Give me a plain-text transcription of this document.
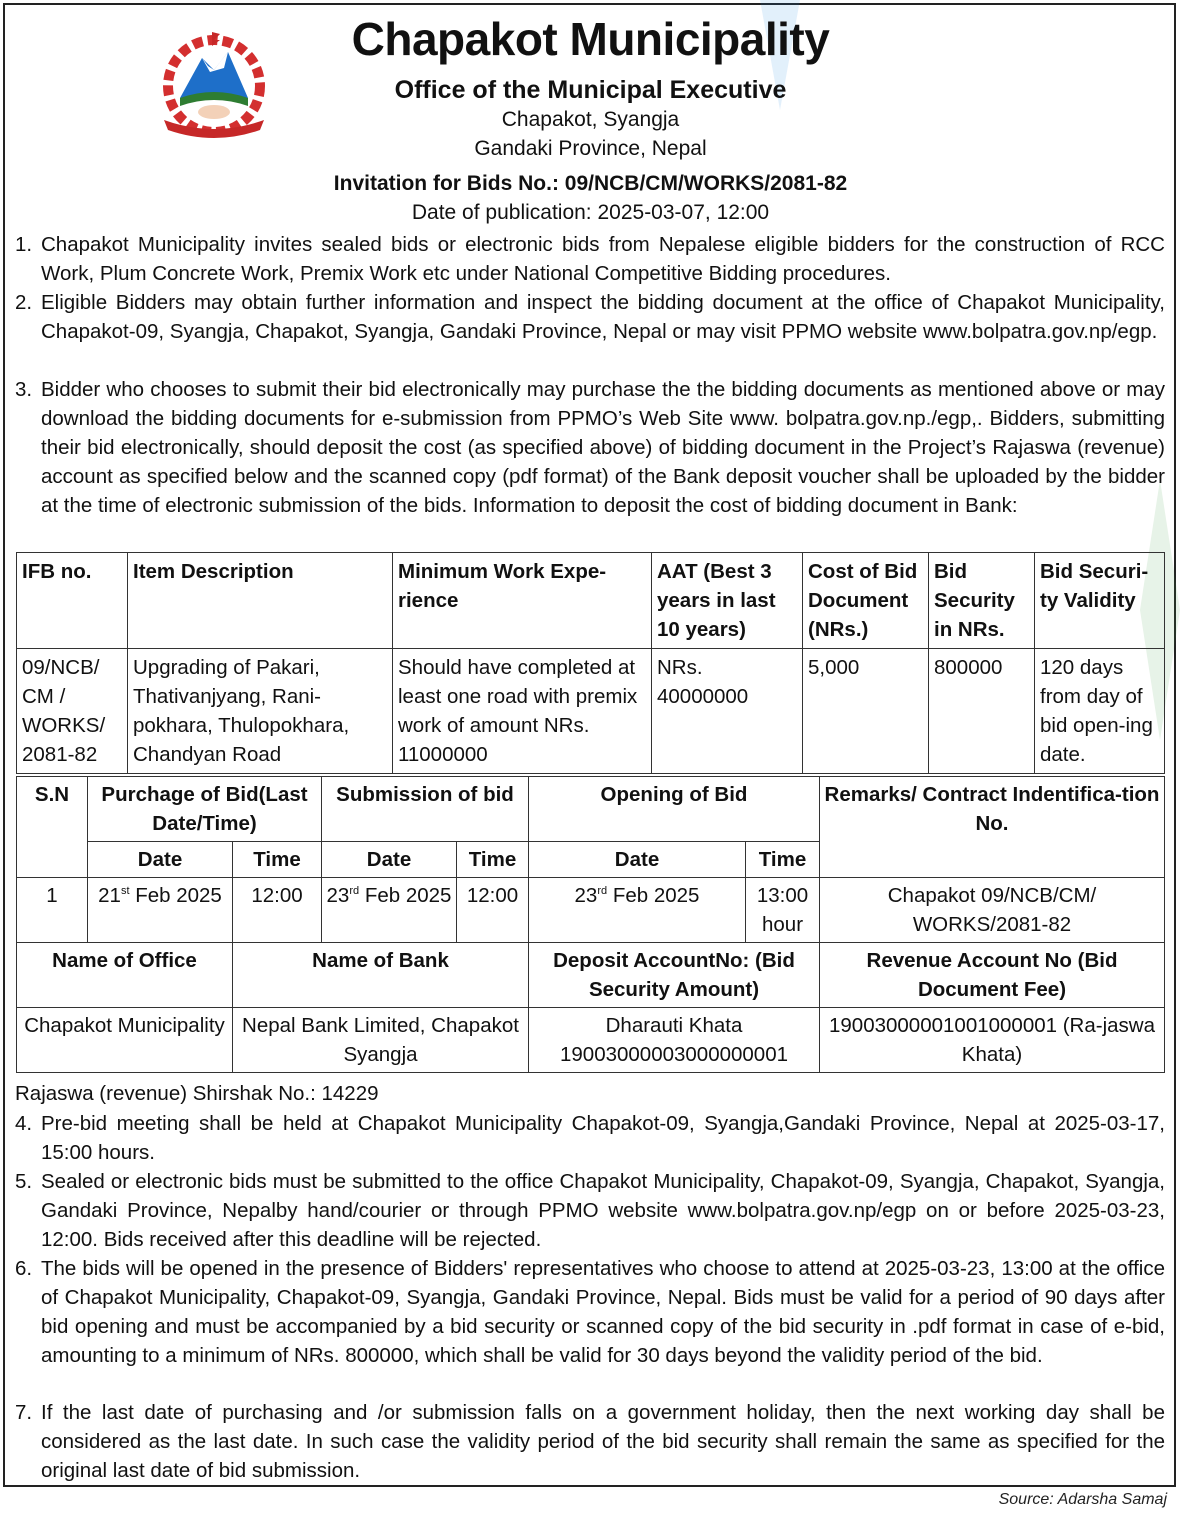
Chapakot Municipality
Office of the Municipal Executive
Chapakot, Syangja
Gandaki Province, Nepal
Invitation for Bids No.: 09/NCB/CM/WORKS/2081-82
Date of publication: 2025-03-07, 12:00
1. Chapakot Municipality invites sealed bids or electronic bids from Nepalese eligible bidders for the construction of RCC Work, Plum Concrete Work, Premix Work etc under National Competitive Bidding procedures.
2. Eligible Bidders may obtain further information and inspect the bidding document at the office of Chapakot Municipality, Chapakot-09, Syangja, Chapakot, Syangja, Gandaki Province, Nepal or may visit PPMO website www.bolpatra.gov.np/egp.
3. Bidder who chooses to submit their bid electronically may purchase the the bidding documents as mentioned above or may download the bidding documents for e-submission from PPMO’s Web Site www. bolpatra.gov.np./egp,. Bidders, submitting their bid electronically, should deposit the cost (as specified above) of bidding document in the Project’s Rajaswa (revenue) account as specified below and the scanned copy (pdf format) of the Bank deposit voucher shall be uploaded by the bidder at the time of electronic submission of the bids. Information to deposit the cost of bidding document in Bank:
IFB no.	Item Description	Minimum Work Expe-rience	AAT (Best 3 years in last 10 years)	Cost of Bid Document (NRs.)	Bid Security in NRs.	Bid Securi-ty Validity
09/NCB/ CM / WORKS/ 2081-82	Upgrading of Pakari, Thativanjyang, Rani-pokhara, Thulopokhara, Chandyan Road	Should have completed at least one road with premix work of amount NRs. 11000000	NRs. 40000000	5,000	800000	120 days from day of bid open-ing date.
S.N	Purchage of Bid(Last Date/Time)		Submission of bid		Opening of Bid		Remarks/ Contract Indentifica-tion No.
	Date	Time	Date	Time	Date	Time	
1	21st Feb 2025	12:00	23rd Feb 2025	12:00	23rd Feb 2025	13:00 hour	Chapakot 09/NCB/CM/ WORKS/2081-82
Name of Office		Name of Bank			Deposit AccountNo: (Bid Security Amount)		Revenue Account No (Bid Document Fee)
Chapakot Municipality		Nepal Bank Limited, Chapakot Syangja			Dharauti Khata 19003000003000000001		19003000001001000001 (Ra-jaswa Khata)
Rajaswa (revenue) Shirshak No.: 14229
4. Pre-bid meeting shall be held at Chapakot Municipality Chapakot-09, Syangja,Gandaki Province, Nepal at 2025-03-17, 15:00 hours.
5. Sealed or electronic bids must be submitted to the office Chapakot Municipality, Chapakot-09, Syangja, Chapakot, Syangja, Gandaki Province, Nepalby hand/courier or through PPMO website www.bolpatra.gov.np/egp on or before 2025-03-23, 12:00. Bids received after this deadline will be rejected.
6. The bids will be opened in the presence of Bidders' representatives who choose to attend at 2025-03-23, 13:00 at the office of Chapakot Municipality, Chapakot-09, Syangja, Gandaki Province, Nepal. Bids must be valid for a period of 90 days after bid opening and must be accompanied by a bid security or scanned copy of the bid security in .pdf format in case of e-bid, amounting to a minimum of NRs. 800000, which shall be valid for 30 days beyond the validity period of the bid.
7. If the last date of purchasing and /or submission falls on a government holiday, then the next working day shall be considered as the last date. In such case the validity period of the bid security shall remain the same as specified for the original last date of bid submission.
Source: Adarsha Samaj
